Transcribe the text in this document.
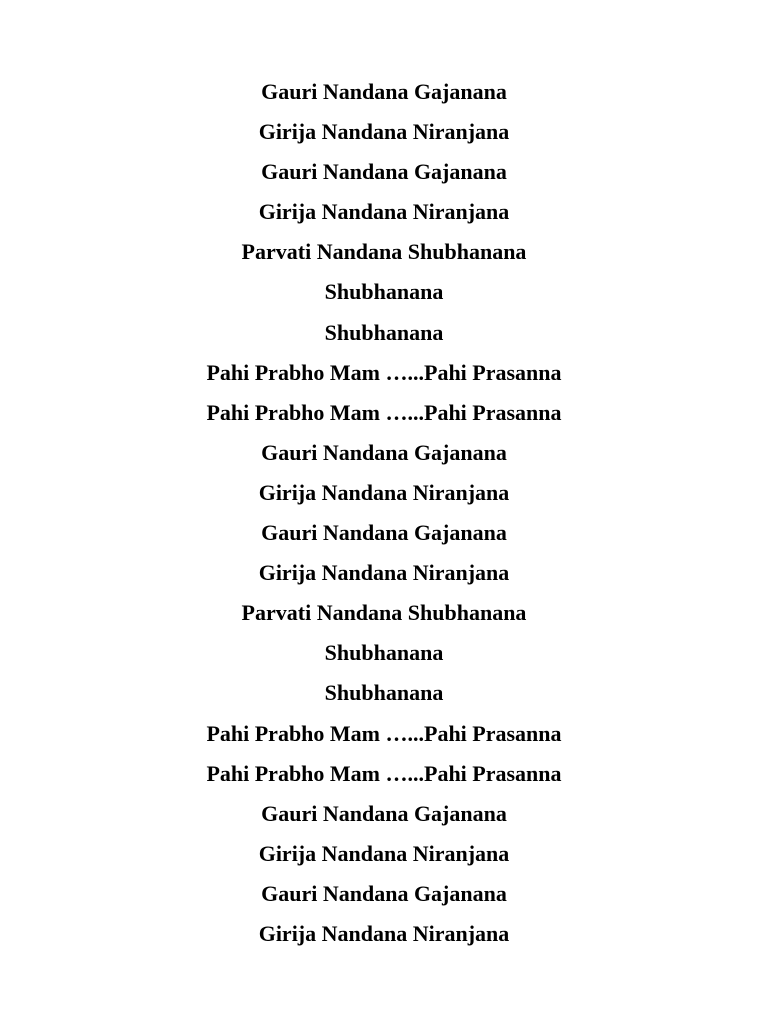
Gauri Nandana Gajanana
Girija Nandana Niranjana
Gauri Nandana Gajanana
Girija Nandana Niranjana
Parvati Nandana Shubhanana
Shubhanana
Shubhanana
Pahi Prabho Mam …...Pahi Prasanna
Pahi Prabho Mam …...Pahi Prasanna
Gauri Nandana Gajanana
Girija Nandana Niranjana
Gauri Nandana Gajanana
Girija Nandana Niranjana
Parvati Nandana Shubhanana
Shubhanana
Shubhanana
Pahi Prabho Mam …...Pahi Prasanna
Pahi Prabho Mam …...Pahi Prasanna
Gauri Nandana Gajanana
Girija Nandana Niranjana
Gauri Nandana Gajanana
Girija Nandana Niranjana
